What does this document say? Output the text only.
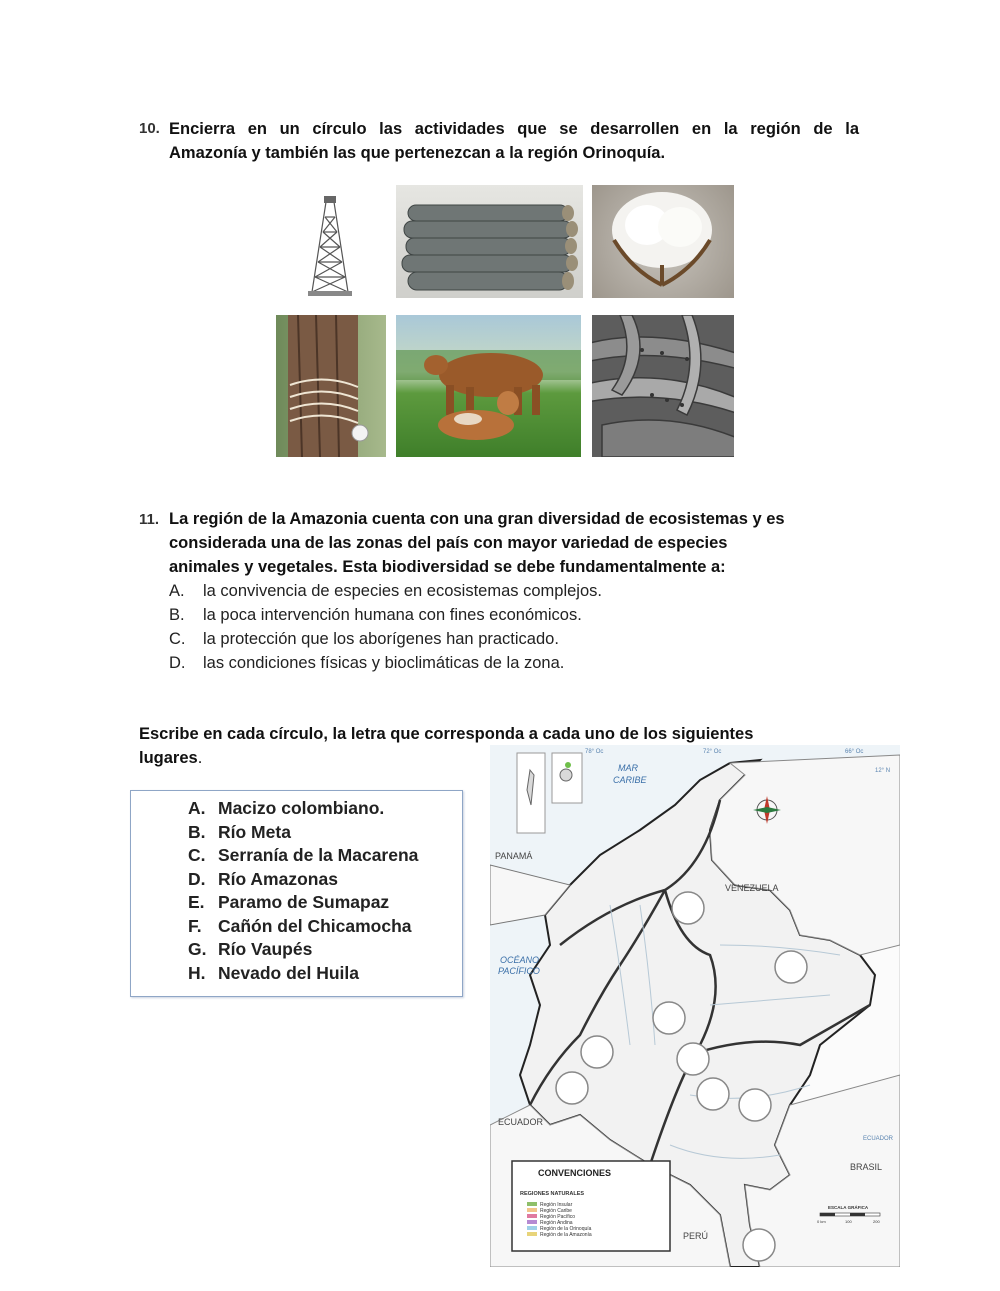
10. Encierra en un círculo las actividades que se desarrollen en la región de la
Amazonía y también las que pertenezcan a la región Orinoquía.
11. La región de la Amazonia cuenta con una gran diversidad de ecosistemas y es
considerada una de las zonas del país con mayor variedad de especies
animales y vegetales. Esta biodiversidad se debe fundamentalmente a:
A.	la convivencia de especies en ecosistemas complejos.
B.	la poca intervención humana con fines económicos.
C.	la protección que los aborígenes han practicado.
D.	las condiciones físicas y bioclimáticas de la zona.
Escribe en cada círculo, la letra que corresponda a cada uno de los siguientes
lugares.
A. Macizo colombiano.
B. Río Meta
C. Serranía de la Macarena
D. Río Amazonas
E. Paramo de Sumapaz
F. Cañón del Chicamocha
G. Río Vaupés
H. Nevado del Huila
MAR
CARIBE
OCÉANO
PACÍFICO
PANAMÁ
VENEZUELA
ECUADOR
BRASIL
PERÚ
78° Oc	72° Oc	66° Oc
12° N
ECUADOR
CONVENCIONES
REGIONES NATURALES
Región Insular
Región Caribe
Región Pacífico
Región Andina
Región de la Orinoquía
Región de la Amazonía
ESCALA GRÁFICA
0 km	100	200
